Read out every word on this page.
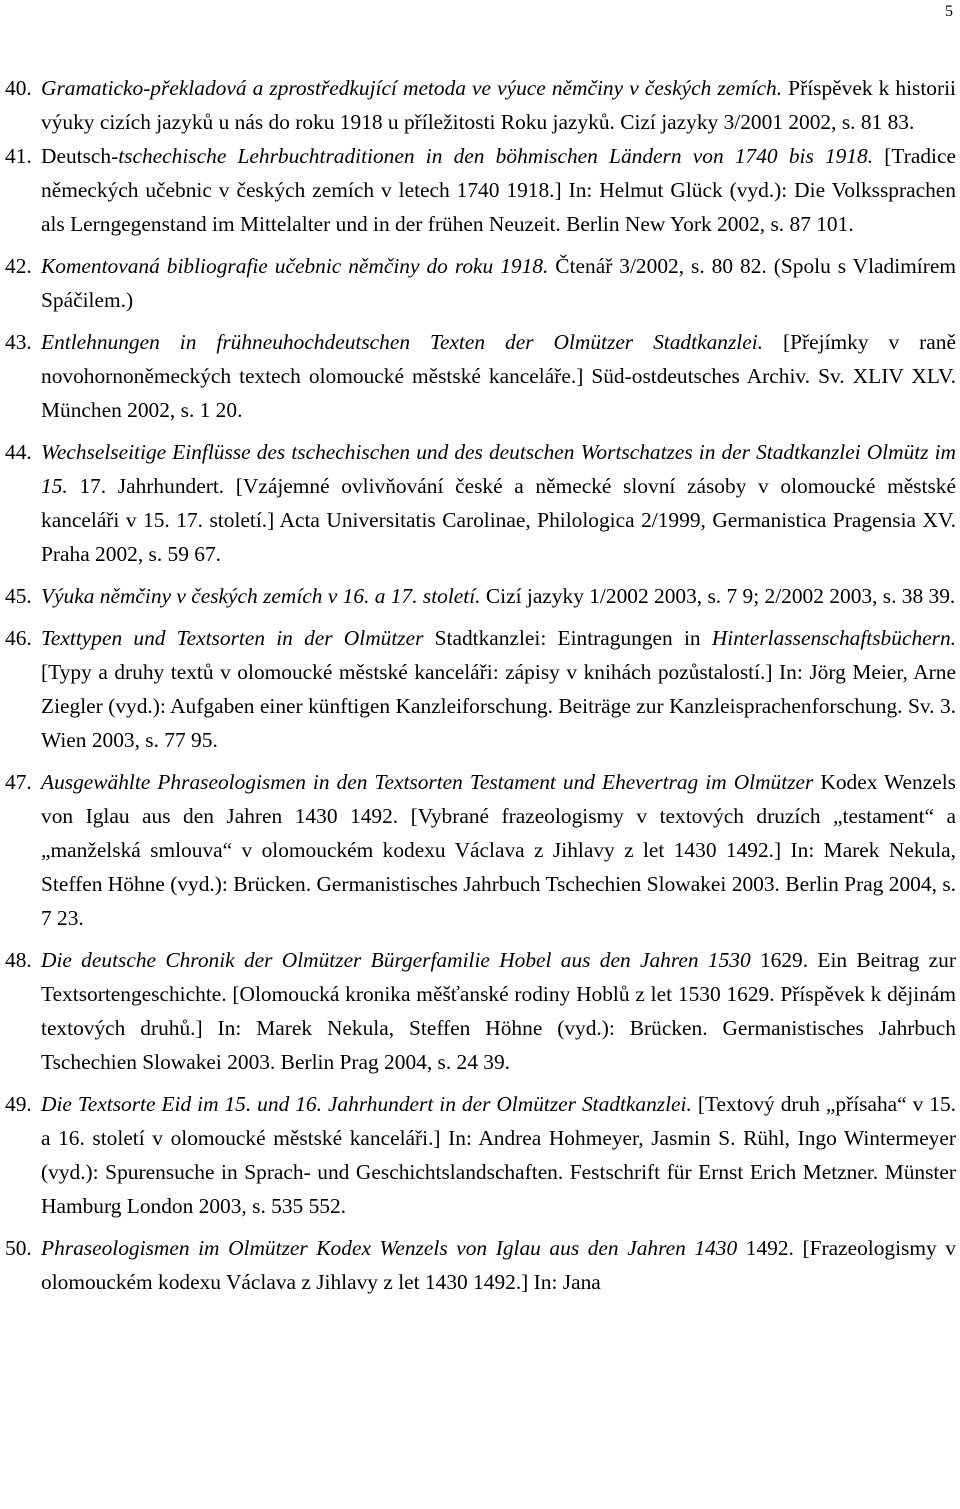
5

40. Gramaticko-překladová a zprostředkující metoda ve výuce němčiny v českých zemích. Příspěvek k historii výuky cizích jazyků u nás do roku 1918 u příležitosti Roku jazyků. Cizí jazyky 3/2001 2002, s. 81 83.

41. Deutsch-tschechische Lehrbuchtraditionen in den böhmischen Ländern von 1740 bis 1918. [Tradice německých učebnic v českých zemích v letech 1740 1918.] In: Helmut Glück (vyd.): Die Volkssprachen als Lerngegenstand im Mittelalter und in der frühen Neuzeit. Berlin New York 2002, s. 87 101.

42. Komentovaná bibliografie učebnic němčiny do roku 1918. Čtenář 3/2002, s. 80 82. (Spolu s Vladimírem Spáčilem.)

43. Entlehnungen in frühneuhochdeutschen Texten der Olmützer Stadtkanzlei. [Přejímky v raně novohornoněmeckých textech olomoucké městské kanceláře.] Süd-ostdeutsches Archiv. Sv. XLIV XLV. München 2002, s. 1 20.

44. Wechselseitige Einflüsse des tschechischen und des deutschen Wortschatzes in der Stadtkanzlei Olmütz im 15. 17. Jahrhundert. [Vzájemné ovlivňování české a německé slovní zásoby v olomoucké městské kanceláři v 15. 17. století.] Acta Universitatis Carolinae, Philologica 2/1999, Germanistica Pragensia XV. Praha 2002, s. 59 67.

45. Výuka němčiny v českých zemích v 16. a 17. století. Cizí jazyky 1/2002 2003, s. 7 9; 2/2002 2003, s. 38 39.

46. Texttypen und Textsorten in der Olmützer Stadtkanzlei: Eintragungen in Hinterlassenschaftsbüchern. [Typy a druhy textů v olomoucké městské kanceláři: zápisy v knihách pozůstalostí.] In: Jörg Meier, Arne Ziegler (vyd.): Aufgaben einer künftigen Kanzleiforschung. Beiträge zur Kanzleisprachenforschung. Sv. 3. Wien 2003, s. 77 95.

47. Ausgewählte Phraseologismen in den Textsorten Testament und Ehevertrag im Olmützer Kodex Wenzels von Iglau aus den Jahren 1430 1492. [Vybrané frazeologismy v textových druzích „testament“ a „manželská smlouva“ v olomouckém kodexu Václava z Jihlavy z let 1430 1492.] In: Marek Nekula, Steffen Höhne (vyd.): Brücken. Germanistisches Jahrbuch Tschechien Slowakei 2003. Berlin Prag 2004, s. 7 23.

48. Die deutsche Chronik der Olmützer Bürgerfamilie Hobel aus den Jahren 1530 1629. Ein Beitrag zur Textsortengeschichte. [Olomoucká kronika měšťanské rodiny Hoblů z let 1530 1629. Příspěvek k dějinám textových druhů.] In: Marek Nekula, Steffen Höhne (vyd.): Brücken. Germanistisches Jahrbuch Tschechien Slowakei 2003. Berlin Prag 2004, s. 24 39.

49. Die Textsorte Eid im 15. und 16. Jahrhundert in der Olmützer Stadtkanzlei. [Textový druh „přísaha“ v 15. a 16. století v olomoucké městské kanceláři.] In: Andrea Hohmeyer, Jasmin S. Rühl, Ingo Wintermeyer (vyd.): Spurensuche in Sprach- und Geschichtslandschaften. Festschrift für Ernst Erich Metzner. Münster Hamburg London 2003, s. 535 552.

50. Phraseologismen im Olmützer Kodex Wenzels von Iglau aus den Jahren 1430 1492. [Frazeologismy v olomouckém kodexu Václava z Jihlavy z let 1430 1492.] In: Jana
